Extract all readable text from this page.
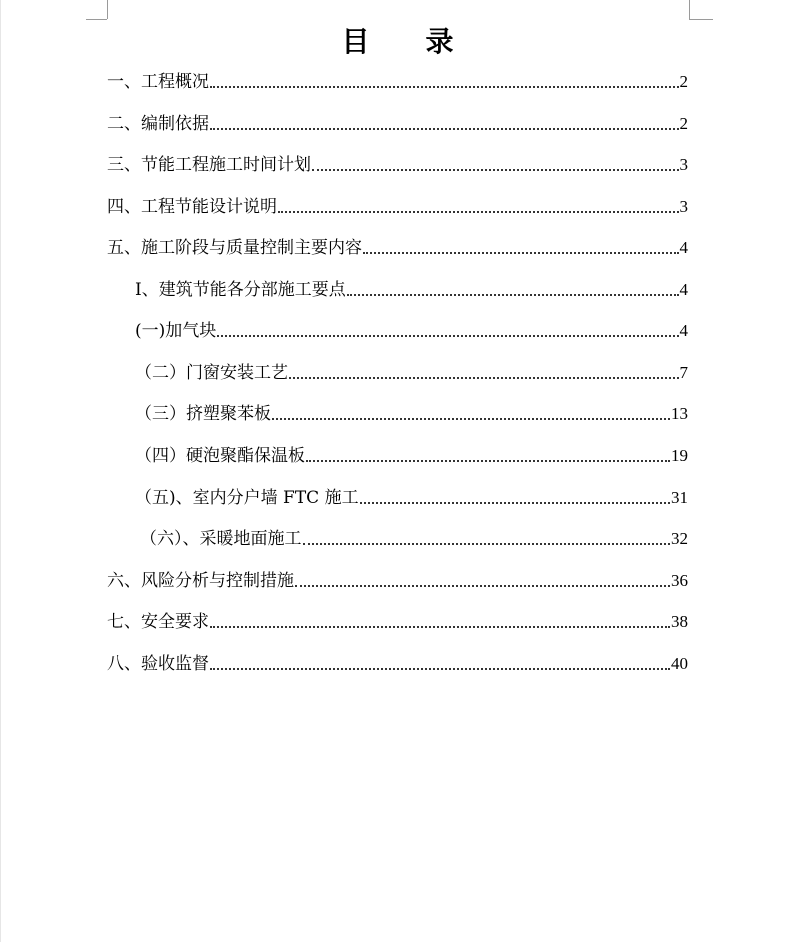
目　　录
一、工程概况	2
二、编制依据	2
三、节能工程施工时间计划	3
四、工程节能设计说明	3
五、施工阶段与质量控制主要内容	4
I、建筑节能各分部施工要点	4
(一)加气块	4
（二）门窗安装工艺	7
（三）挤塑聚苯板	13
（四）硬泡聚酯保温板	19
（五)、室内分户墙 FTC 施工	31
（六）、采暖地面施工	32
六、风险分析与控制措施	36
七、安全要求	38
八、验收监督	40
